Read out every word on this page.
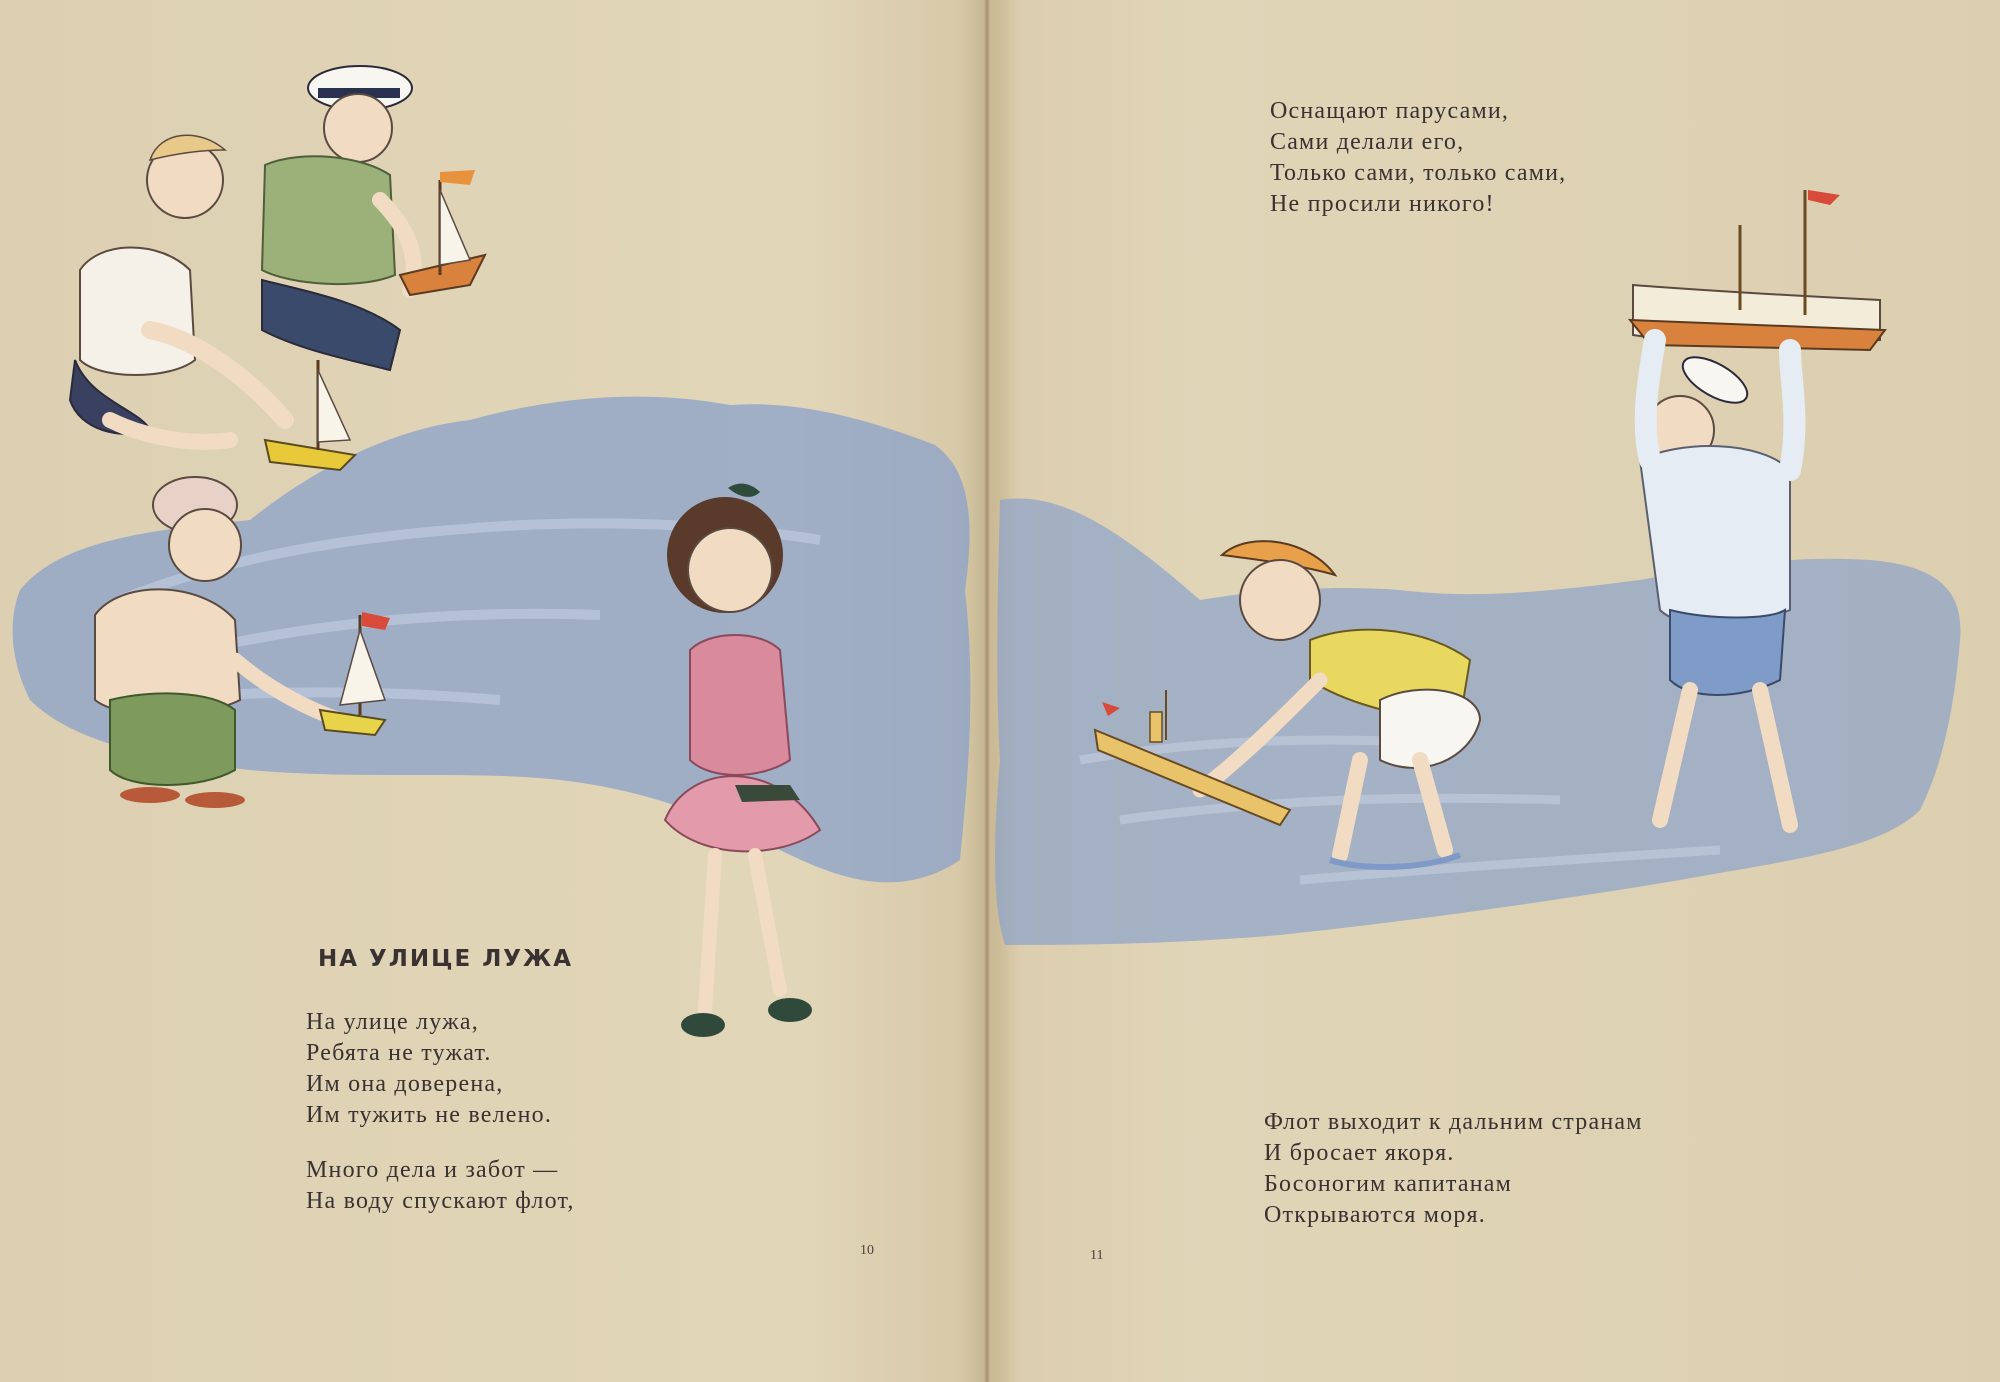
НА УЛИЦЕ ЛУЖА
На улице лужа,
Ребята не тужат.
Им она доверена,
Им тужить не велено.
Много дела и забот —
На воду спускают флот,
10
Оснащают парусами,
Сами делали его,
Только сами, только сами,
Не просили никого!
Флот выходит к дальним странам
И бросает якоря.
Босоногим капитанам
Открываются моря.
11
